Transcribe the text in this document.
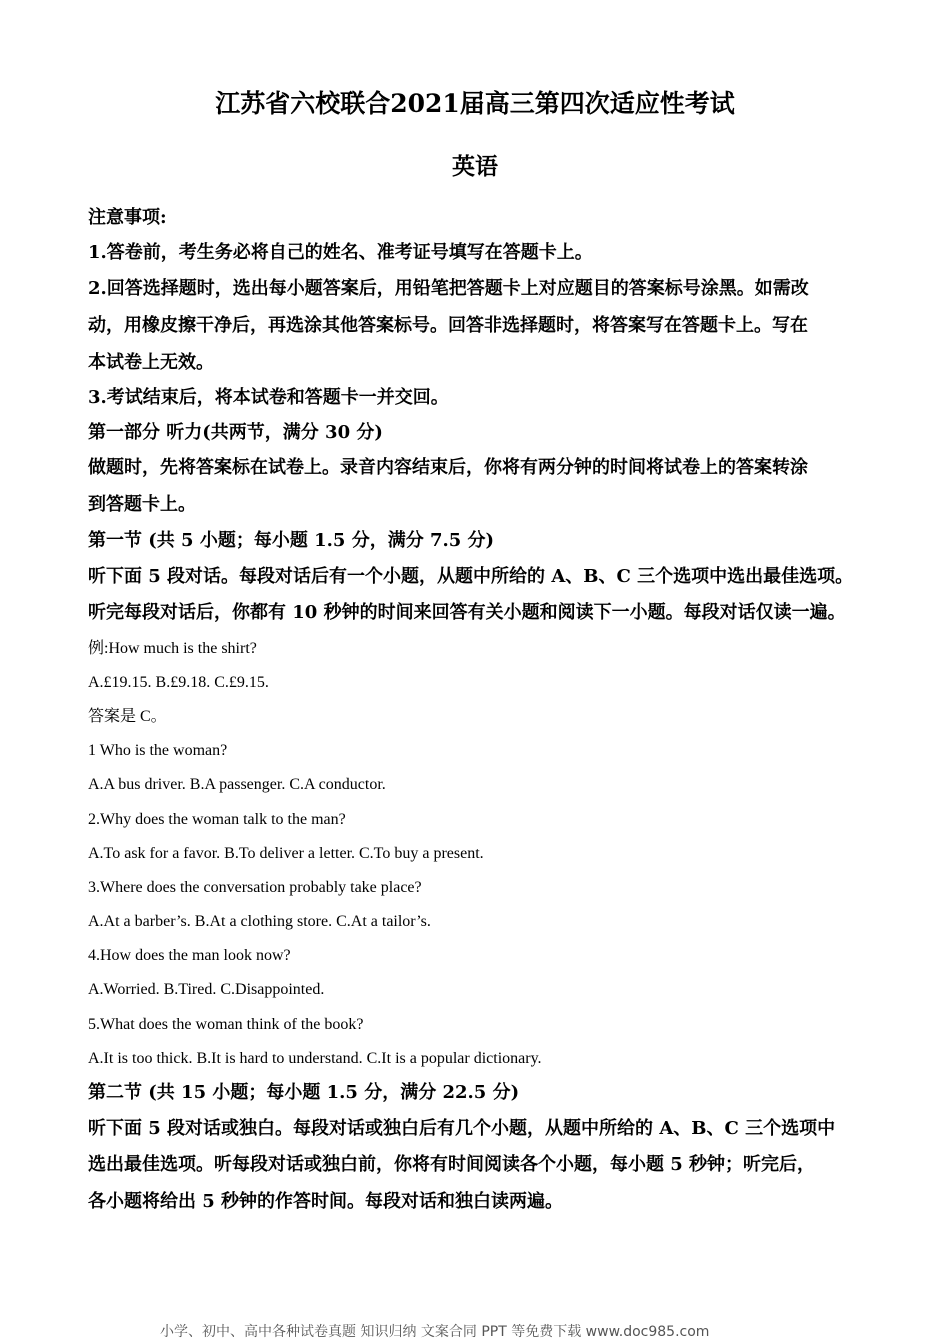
江苏省六校联合2021届高三第四次适应性考试
英语
注意事项:
1.答卷前，考生务必将自己的姓名、准考证号填写在答题卡上。
2.回答选择题时，选出每小题答案后，用铅笔把答题卡上对应题目的答案标号涂黑。如需改
动，用橡皮擦干净后，再选涂其他答案标号。回答非选择题时，将答案写在答题卡上。写在
本试卷上无效。
3.考试结束后，将本试卷和答题卡一并交回。
第一部分 听力(共两节，满分 30 分)
做题时，先将答案标在试卷上。录音内容结束后，你将有两分钟的时间将试卷上的答案转涂
到答题卡上。
第一节 (共 5 小题；每小题 1.5 分，满分 7.5 分)
听下面 5 段对话。每段对话后有一个小题，从题中所给的 A、B、C 三个选项中选出最佳选项。
听完每段对话后，你都有 10 秒钟的时间来回答有关小题和阅读下一小题。每段对话仅读一遍。
例:How much is the shirt?
A.£19.15. B.£9.18. C.£9.15.
答案是 C。
1 Who is the woman?
A.A bus driver. B.A passenger. C.A conductor.
2.Why does the woman talk to the man?
A.To ask for a favor. B.To deliver a letter. C.To buy a present.
3.Where does the conversation probably take place?
A.At a barber’s. B.At a clothing store. C.At a tailor’s.
4.How does the man look now?
A.Worried. B.Tired. C.Disappointed.
5.What does the woman think of the book?
A.It is too thick. B.It is hard to understand. C.It is a popular dictionary.
第二节 (共 15 小题；每小题 1.5 分，满分 22.5 分)
听下面 5 段对话或独白。每段对话或独白后有几个小题，从题中所给的 A、B、C 三个选项中
选出最佳选项。听每段对话或独白前，你将有时间阅读各个小题，每小题 5 秒钟；听完后，
各小题将给出 5 秒钟的作答时间。每段对话和独白读两遍。
小学、初中、高中各种试卷真题 知识归纳 文案合同 PPT 等免费下载 www.doc985.com
